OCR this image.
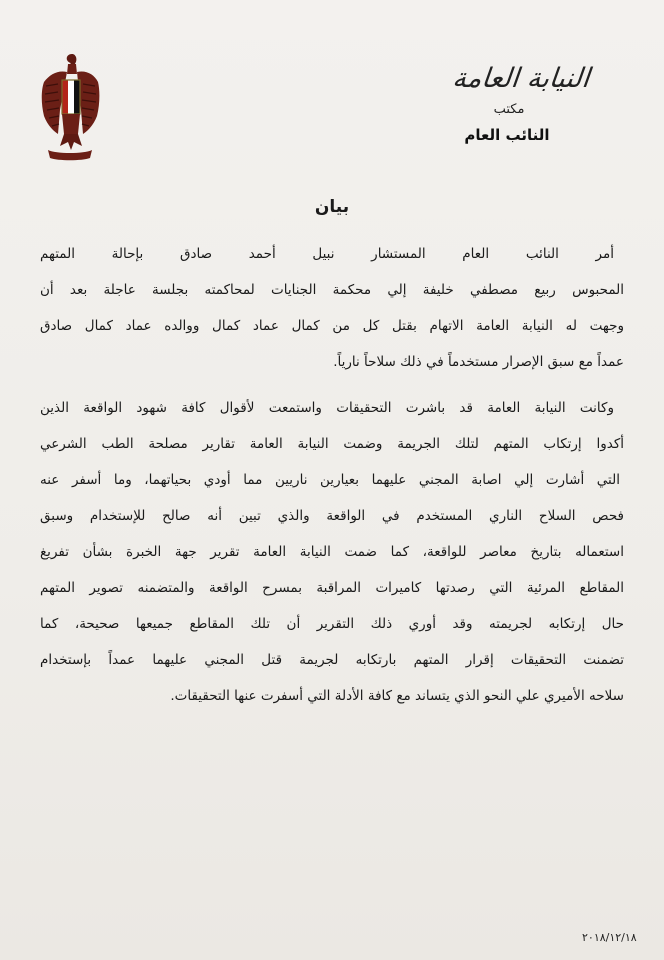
النيابة العامة
مكتب
النائب العام
بيان
أمر النائب العام المستشار نبيل أحمد صادق بإحالة المتهم
المحبوس ربيع مصطفي خليفة إلي محكمة الجنايات لمحاكمته بجلسة عاجلة بعد أن
وجهت له النيابة العامة الاتهام بقتل كل من كمال عماد كمال ووالده عماد كمال صادق
عمداً مع سبق الإصرار مستخدماً في ذلك سلاحاً نارياً.
وكانت النيابة العامة قد باشرت التحقيقات واستمعت لأقوال كافة شهود الواقعة الذين
أكدوا إرتكاب المتهم لتلك الجريمة وضمت النيابة العامة تقارير مصلحة الطب الشرعي
التي أشارت إلي اصابة المجني عليهما بعيارين ناريين مما أودي بحياتهما، وما أسفر عنه
فحص السلاح الناري المستخدم في الواقعة والذي تبين أنه صالح للإستخدام وسبق
استعماله بتاريخ معاصر للواقعة، كما ضمت النيابة العامة تقرير جهة الخبرة بشأن تفريغ
المقاطع المرئية التي رصدتها كاميرات المراقبة بمسرح الواقعة والمتضمنه تصوير المتهم
حال إرتكابه لجريمته وقد أوري ذلك التقرير أن تلك المقاطع جميعها صحيحة، كما
تضمنت التحقيقات إقرار المتهم بارتكابه لجريمة قتل المجني عليهما عمداً بإستخدام
سلاحه الأميري علي النحو الذي يتساند مع كافة الأدلة التي أسفرت عنها التحقيقات.
٢٠١٨/١٢/١٨
